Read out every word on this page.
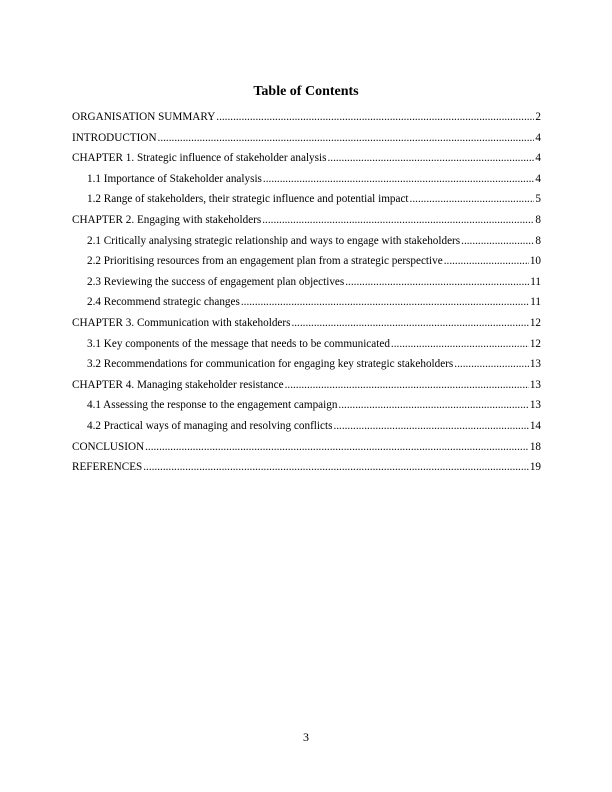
Table of Contents
ORGANISATION SUMMARY .....	2
INTRODUCTION .....	4
CHAPTER 1. Strategic influence of stakeholder analysis .....	4
1.1 Importance of Stakeholder analysis .....	4
1.2 Range of stakeholders, their strategic influence and potential impact .....	5
CHAPTER 2. Engaging with stakeholders .....	8
2.1 Critically analysing strategic relationship and ways to engage with stakeholders .....	8
2.2 Prioritising resources from an engagement plan from a strategic perspective .....	10
2.3 Reviewing the success of engagement plan objectives .....	11
2.4 Recommend strategic changes .....	11
CHAPTER 3. Communication with stakeholders .....	12
3.1 Key components of the message that needs to be communicated .....	12
3.2 Recommendations for communication for engaging key strategic stakeholders .....	13
CHAPTER 4. Managing stakeholder resistance .....	13
4.1 Assessing the response to the engagement campaign .....	13
4.2 Practical ways of managing and resolving conflicts .....	14
CONCLUSION .....	18
REFERENCES .....	19
3
